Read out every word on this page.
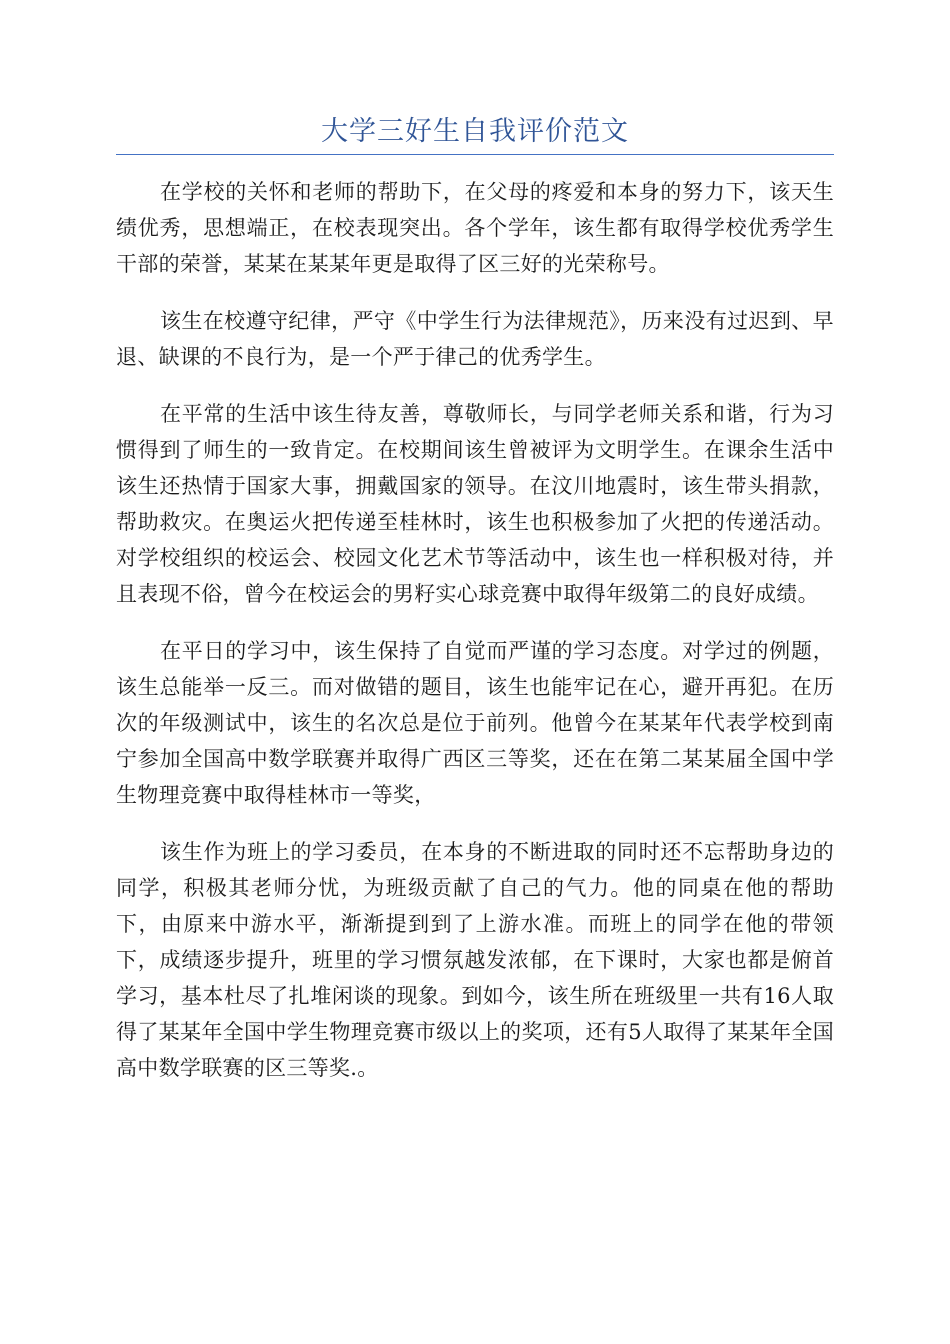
大学三好生自我评价范文

在学校的关怀和老师的帮助下，在父母的疼爱和本身的努力下，该天生绩优秀，思想端正，在校表现突出。各个学年，该生都有取得学校优秀学生干部的荣誉，某某在某某年更是取得了区三好的光荣称号。

该生在校遵守纪律，严守《中学生行为法律规范》，历来没有过迟到、早退、缺课的不良行为，是一个严于律己的优秀学生。

在平常的生活中该生待友善，尊敬师长，与同学老师关系和谐，行为习惯得到了师生的一致肯定。在校期间该生曾被评为文明学生。在课余生活中该生还热情于国家大事，拥戴国家的领导。在汶川地震时，该生带头捐款，帮助救灾。在奥运火把传递至桂林时，该生也积极参加了火把的传递活动。对学校组织的校运会、校园文化艺术节等活动中，该生也一样积极对待，并且表现不俗，曾今在校运会的男籽实心球竞赛中取得年级第二的良好成绩。

在平日的学习中，该生保持了自觉而严谨的学习态度。对学过的例题，该生总能举一反三。而对做错的题目，该生也能牢记在心，避开再犯。在历次的年级测试中，该生的名次总是位于前列。他曾今在某某年代表学校到南宁参加全国高中数学联赛并取得广西区三等奖，还在在第二某某届全国中学生物理竞赛中取得桂林市一等奖，

该生作为班上的学习委员，在本身的不断进取的同时还不忘帮助身边的同学，积极其老师分忧，为班级贡献了自己的气力。他的同桌在他的帮助下，由原来中游水平，渐渐提到到了上游水准。而班上的同学在他的带领下，成绩逐步提升，班里的学习惯氛越发浓郁，在下课时，大家也都是俯首学习，基本杜尽了扎堆闲谈的现象。到如今，该生所在班级里一共有16人取得了某某年全国中学生物理竞赛市级以上的奖项，还有5人取得了某某年全国高中数学联赛的区三等奖.。
